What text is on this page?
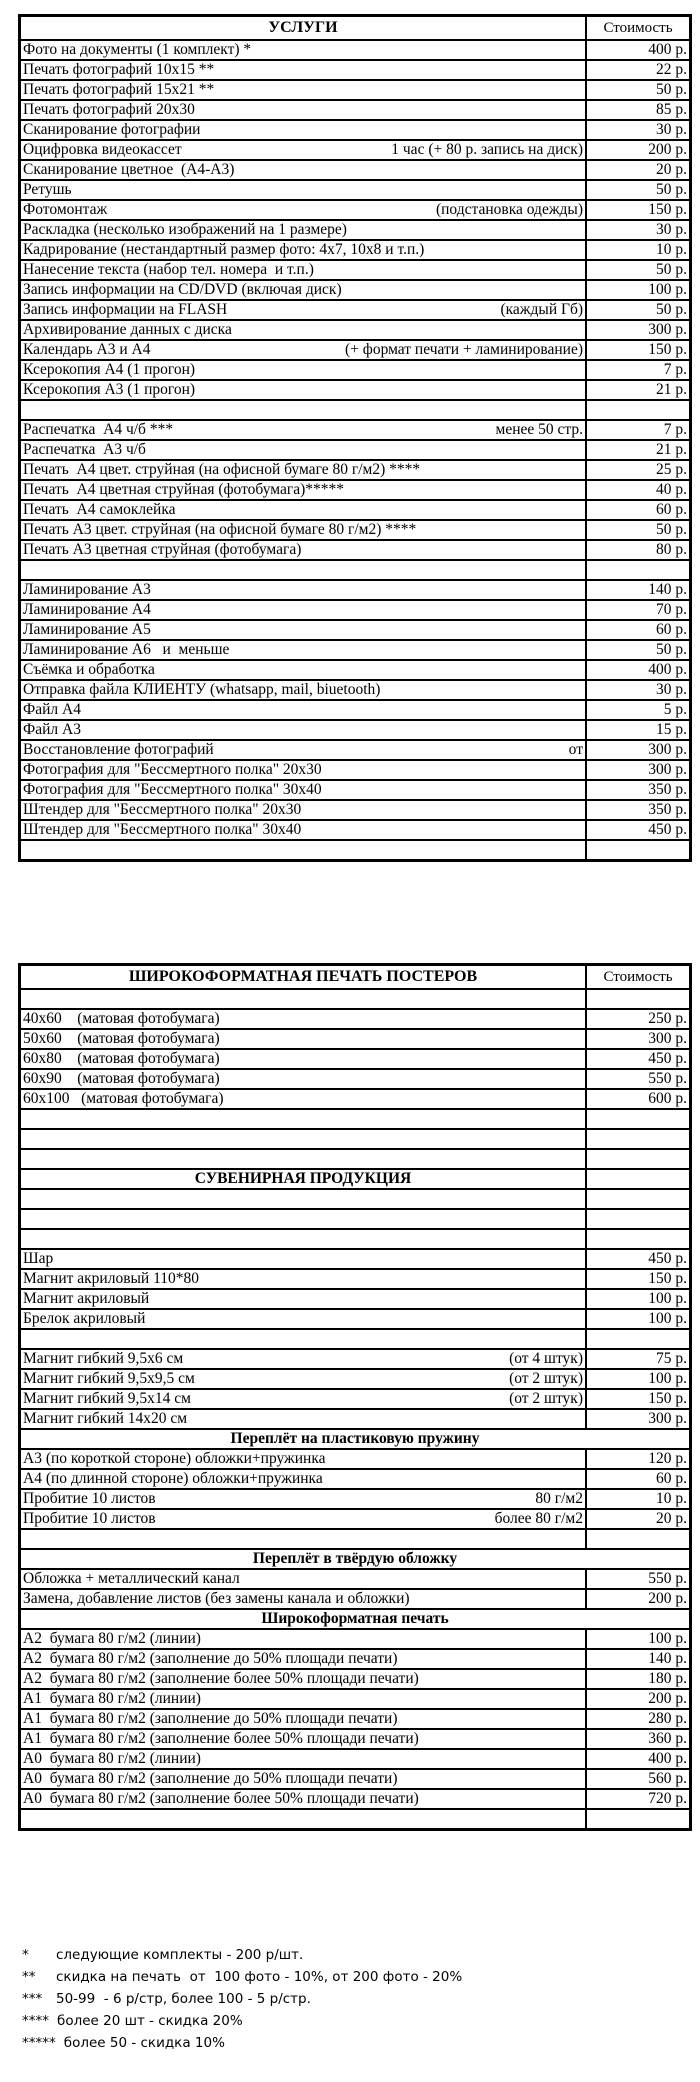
УСЛУГИ	Стоимость

Фото на документы (1 комплект) *	400 р.

Печать фотографий 10x15 **	22 р.

Печать фотографий 15x21 **	50 р.

Печать фотографий 20x30	85 р.

Сканирование фотографии	30 р.

Оцифровка видеокассет 1 час (+ 80 р. запись на диск)	200 р.

Сканирование цветное  (А4-А3)	20 р.

Ретушь	50 р.

Фотомонтаж (подстановка одежды)	150 р.

Раскладка (несколько изображений на 1 размере)	30 р.

Кадрирование (нестандартный размер фото: 4х7, 10х8 и т.п.)	10 р.

Нанесение текста (набор тел. номера  и т.п.)	50 р.

Запись информации на CD/DVD (включая диск)	100 р.

Запись информации на FLASH (каждый Гб)	50 р.

Архивирование данных с диска	300 р.

Календарь А3 и А4 (+ формат печати + ламинирование)	150 р.

Ксерокопия А4 (1 прогон)	7 р.

Ксерокопия А3 (1 прогон)	21 р.

Распечатка  А4 ч/б *** менее 50 стр.	7 р.

Распечатка  А3 ч/б	21 р.

Печать  А4 цвет. струйная (на офисной бумаге 80 г/м2) ****	25 р.

Печать  А4 цветная струйная (фотобумага)*****	40 р.

Печать  А4 самоклейка	60 р.

Печать А3 цвет. струйная (на офисной бумаге 80 г/м2) ****	50 р.

Печать А3 цветная струйная (фотобумага)	80 р.

Ламинирование А3	140 р.

Ламинирование А4	70 р.

Ламинирование А5	60 р.

Ламинирование А6   и  меньше	50 р.

Съёмка и обработка	400 р.

Отправка файла КЛИЕНТУ (whatsapp, mail, biuetooth)	30 р.

Файл А4	5 р.

Файл А3	15 р.

Восстановление фотографий от	300 р.

Фотография для "Бессмертного полка" 20х30	300 р.

Фотография для "Бессмертного полка" 30х40	350 р.

Штендер для "Бессмертного полка" 20х30	350 р.

Штендер для "Бессмертного полка" 30х40	450 р.

ШИРОКОФОРМАТНАЯ ПЕЧАТЬ ПОСТЕРОВ	Стоимость

40x60    (матовая фотобумага)	250 р.

50x60    (матовая фотобумага)	300 р.

60x80    (матовая фотобумага)	450 р.

60x90    (матовая фотобумага)	550 р.

60x100   (матовая фотобумага)	600 р.

СУВЕНИРНАЯ ПРОДУКЦИЯ	

Шар	450 р.

Магнит акриловый 110*80	150 р.

Магнит акриловый	100 р.

Брелок акриловый	100 р.

Магнит гибкий 9,5х6 см (от 4 штук)	75 р.

Магнит гибкий 9,5х9,5 см (от 2 штук)	100 р.

Магнит гибкий 9,5х14 см (от 2 штук)	150 р.

Магнит гибкий 14х20 см	300 р.
Переплёт на пластиковую пружину	

А3 (по короткой стороне) обложки+пружинка	120 р.

А4 (по длинной стороне) обложки+пружинка	60 р.

Пробитие 10 листов 80 г/м2	10 р.

Пробитие 10 листов более 80 г/м2	20 р.

Переплёт в твёрдую обложку	

Обложка + металлический канал	550 р.

Замена, добавление листов (без замены канала и обложки)	200 р.
Широкоформатная печать	

А2  бумага 80 г/м2 (линии)	100 р.

А2  бумага 80 г/м2 (заполнение до 50% площади печати)	140 р.

А2  бумага 80 г/м2 (заполнение более 50% площади печати)	180 р.

А1  бумага 80 г/м2 (линии)	200 р.

А1  бумага 80 г/м2 (заполнение до 50% площади печати)	280 р.

А1  бумага 80 г/м2 (заполнение более 50% площади печати)	360 р.

А0  бумага 80 г/м2 (линии)	400 р.

А0  бумага 80 г/м2 (заполнение до 50% площади печати)	560 р.

А0  бумага 80 г/м2 (заполнение более 50% площади печати)	720 р.

*	следующие комплекты - 200 р/шт.
**	скидка на печать  от  100 фото - 10%, от 200 фото - 20%
***	50-99  - 6 р/стр, более 100 - 5 р/стр.
**** более 20 шт - скидка 20%
***** более 50 - скидка 10%
